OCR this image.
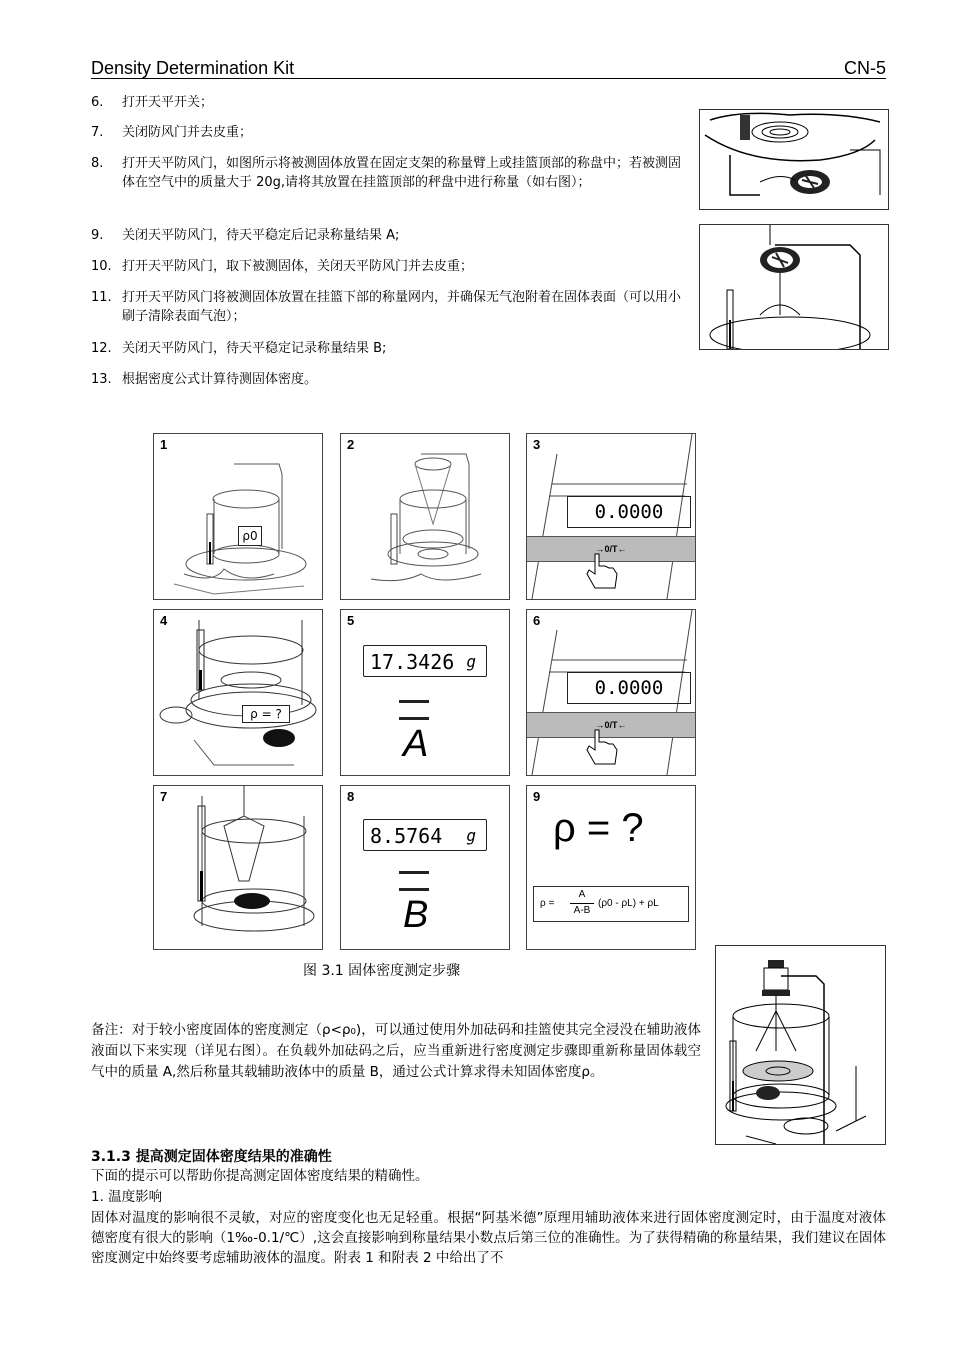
Density Determination Kit	CN-5
6. 打开天平开关；
7. 关闭防风门并去皮重；
8. 打开天平防风门，如图所示将被测固体放置在固定支架的称量臂上或挂篮顶部的称盘中；若被测固体在空气中的质量大于 20g,请将其放置在挂篮顶部的秤盘中进行称量（如右图）；
9. 关闭天平防风门，待天平稳定后记录称量结果 A;
10. 打开天平防风门，取下被测固体，关闭天平防风门并去皮重；
11. 打开天平防风门将被测固体放置在挂篮下部的称量网内，并确保无气泡附着在固体表面（可以用小刷子清除表面气泡）；
12. 关闭天平防风门，待天平稳定记录称量结果 B;
13. 根据密度公式计算待测固体密度。
1
ρ0
2	3
0.0000
→0/T←
4
ρ = ?
5
17.3426 g
A
6
0.0000
→0/T←
7	8
8.5764 g
B
9
ρ = ?
ρ =
A
A-B
(ρ0 - ρL) + ρL
图 3.1 固体密度测定步骤
备注：对于较小密度固体的密度测定（ρ<ρ₀)，可以通过使用外加砝码和挂篮使其完全浸没在辅助液体液面以下来实现（详见右图）。在负载外加砝码之后，应当重新进行密度测定步骤即重新称量固体载空气中的质量 A,然后称量其载辅助液体中的质量 B，通过公式计算求得未知固体密度ρ。
3.1.3 提高测定固体密度结果的准确性
下面的提示可以帮助你提高测定固体密度结果的精确性。
1. 温度影响
固体对温度的影响很不灵敏，对应的密度变化也无足轻重。根据“阿基米德”原理用辅助液体来进行固体密度测定时，由于温度对液体德密度有很大的影响（1‰-0.1/℃）,这会直接影响到称量结果小数点后第三位的准确性。为了获得精确的称量结果，我们建议在固体密度测定中始终要考虑辅助液体的温度。附表 1 和附表 2 中给出了不
